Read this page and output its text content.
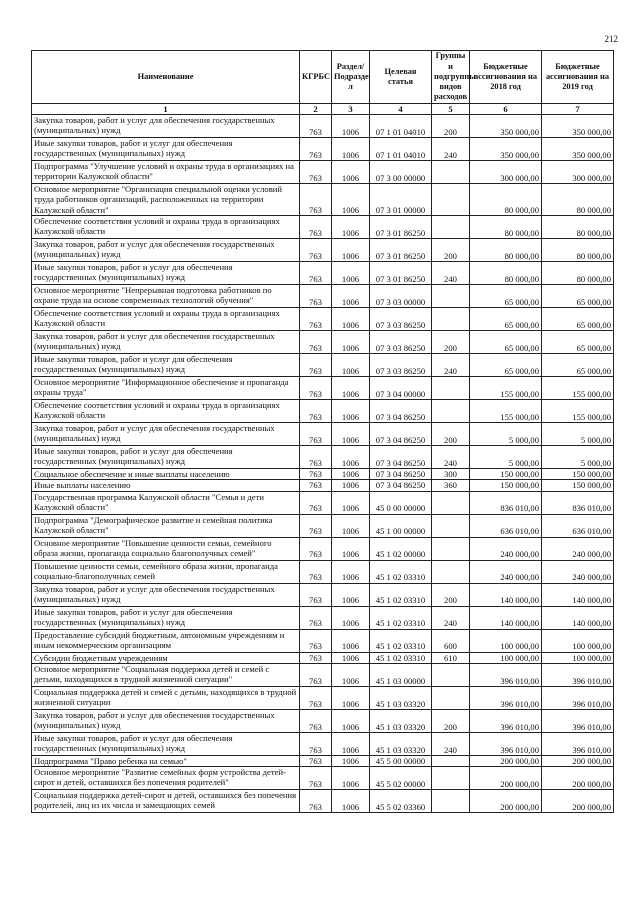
212
Наименование	КГРБС	Раздел/ Подразде л	Целевая статья	Группы и подгруппы видов расходов	Бюджетные ассигнования на 2018 год	Бюджетные ассигнования на 2019 год
1	2	3	4	5	6	7
Закупка товаров, работ и услуг для обеспечения государственных (муниципальных) нужд	763	1006	07 1 01 04010	200	350 000,00	350 000,00
Иные закупки товаров, работ и услуг для обеспечения государственных (муниципальных) нужд	763	1006	07 1 01 04010	240	350 000,00	350 000,00
Подпрограмма "Улучшение условий и охраны труда в организациях на территории Калужской области"	763	1006	07 3 00 00000		300 000,00	300 000,00
Основное мероприятие "Организация специальной оценки условий труда работников организаций, расположенных на территории Калужской области"	763	1006	07 3 01 00000		80 000,00	80 000,00
Обеспечение соответствия условий и охраны труда в организациях Калужской области	763	1006	07 3 01 86250		80 000,00	80 000,00
Закупка товаров, работ и услуг для обеспечения государственных (муниципальных) нужд	763	1006	07 3 01 86250	200	80 000,00	80 000,00
Иные закупки товаров, работ и услуг для обеспечения государственных (муниципальных) нужд	763	1006	07 3 01 86250	240	80 000,00	80 000,00
Основное мероприятие "Непрерывная подготовка работников по охране труда на основе современных технологий обучения"	763	1006	07 3 03 00000		65 000,00	65 000,00
Обеспечение соответствия условий и охраны труда в организациях Калужской области	763	1006	07 3 03 86250		65 000,00	65 000,00
Закупка товаров, работ и услуг для обеспечения государственных (муниципальных) нужд	763	1006	07 3 03 86250	200	65 000,00	65 000,00
Иные закупки товаров, работ и услуг для обеспечения государственных (муниципальных) нужд	763	1006	07 3 03 86250	240	65 000,00	65 000,00
Основное мероприятие "Информационное обеспечение и пропаганда охраны труда"	763	1006	07 3 04 00000		155 000,00	155 000,00
Обеспечение соответствия условий и охраны труда в организациях Калужской области	763	1006	07 3 04 86250		155 000,00	155 000,00
Закупка товаров, работ и услуг для обеспечения государственных (муниципальных) нужд	763	1006	07 3 04 86250	200	5 000,00	5 000,00
Иные закупки товаров, работ и услуг для обеспечения государственных (муниципальных) нужд	763	1006	07 3 04 86250	240	5 000,00	5 000,00
Социальное обеспечение и иные выплаты населению	763	1006	07 3 04 86250	300	150 000,00	150 000,00
Иные выплаты населению	763	1006	07 3 04 86250	360	150 000,00	150 000,00
Государственная программа Калужской области "Семья и дети Калужской области"	763	1006	45 0 00 00000		836 010,00	836 010,00
Подпрограмма "Демографическое развитие и семейная политика Калужской области"	763	1006	45 1 00 00000		636 010,00	636 010,00
Основное мероприятие "Повышение ценности семьи, семейного образа жизни, пропаганда социально благополучных семей"	763	1006	45 1 02 00000		240 000,00	240 000,00
Повышение ценности семьи, семейного образа жизни, пропаганда социально-благополучных семей	763	1006	45 1 02 03310		240 000,00	240 000,00
Закупка товаров, работ и услуг для обеспечения государственных (муниципальных) нужд	763	1006	45 1 02 03310	200	140 000,00	140 000,00
Иные закупки товаров, работ и услуг для обеспечения государственных (муниципальных) нужд	763	1006	45 1 02 03310	240	140 000,00	140 000,00
Предоставление субсидий бюджетным, автономным учреждениям и иным некоммерческим организациям	763	1006	45 1 02 03310	600	100 000,00	100 000,00
Субсидии бюджетным учреждениям	763	1006	45 1 02 03310	610	100 000,00	100 000,00
Основное мероприятие "Социальная поддержка детей и семей с детьми, находящихся в трудной жизненной ситуации"	763	1006	45 1 03 00000		396 010,00	396 010,00
Социальная поддержка детей и семей с детьми, находящихся в трудной жизненной ситуации	763	1006	45 1 03 03320		396 010,00	396 010,00
Закупка товаров, работ и услуг для обеспечения государственных (муниципальных) нужд	763	1006	45 1 03 03320	200	396 010,00	396 010,00
Иные закупки товаров, работ и услуг для обеспечения государственных (муниципальных) нужд	763	1006	45 1 03 03320	240	396 010,00	396 010,00
Подпрограмма "Право ребенка на семью"	763	1006	45 5 00 00000		200 000,00	200 000,00
Основное мероприятие "Развитие семейных форм устройства детей-сирот и детей, оставшихся без попечения родителей"	763	1006	45 5 02 00000		200 000,00	200 000,00
Социальная поддержка детей-сирот и детей, оставшихся без попечения родителей, лиц из их числа и замещающих семей	763	1006	45 5 02 03360		200 000,00	200 000,00
